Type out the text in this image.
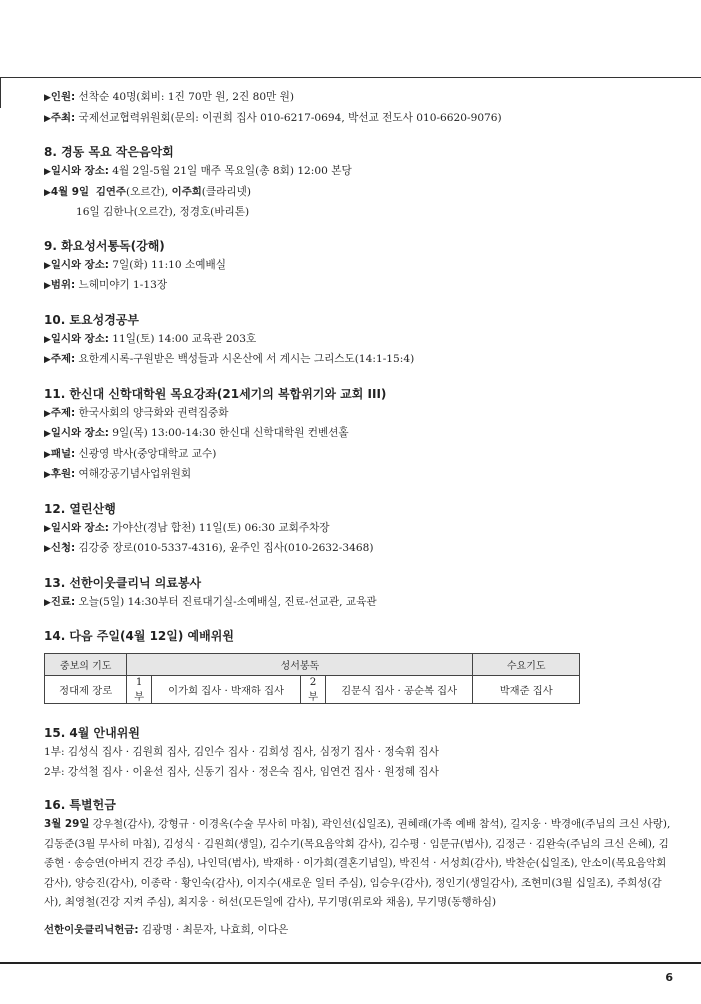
▶인원: 선착순 40명(회비: 1진 70만 원, 2진 80만 원)
▶주최: 국제선교협력위원회(문의: 이권희 집사 010-6217-0694, 박선교 전도사 010-6620-9076)
8. 경동 목요 작은음악회
▶일시와 장소: 4월 2일-5월 21일 매주 목요일(총 8회) 12:00 본당
▶4월 9일 김연주(오르간), 이주희(클라리넷)
16일 김한나(오르간), 정경호(바리톤)
9. 화요성서통독(강해)
▶일시와 장소: 7일(화) 11:10 소예배실
▶범위: 느헤미야기 1-13장
10. 토요성경공부
▶일시와 장소: 11일(토) 14:00 교육관 203호
▶주제: 요한계시록-구원받은 백성들과 시온산에 서 계시는 그리스도(14:1-15:4)
11. 한신대 신학대학원 목요강좌(21세기의 복합위기와 교회 III)
▶주제: 한국사회의 양극화와 권력집중화
▶일시와 장소: 9일(목) 13:00-14:30 한신대 신학대학원 컨벤션홀
▶패널: 신광영 박사(중앙대학교 교수)
▶후원: 여해강공기념사업위원회
12. 열린산행
▶일시와 장소: 가야산(경남 합천) 11일(토) 06:30 교회주차장
▶신청: 김강중 장로(010-5337-4316), 윤주인 집사(010-2632-3468)
13. 선한이웃클리닉 의료봉사
▶진료: 오늘(5일) 14:30부터 진료대기실-소예배실, 진료-선교관, 교육관
14. 다음 주일(4월 12일) 예배위원
중보의 기도	성서봉독				수요기도
정대제 장로	1부	이가희 집사 · 박재하 집사	2부	김문식 집사 · 공순복 집사	박재준 집사
15. 4월 안내위원
1부: 김성식 집사 · 김원희 집사, 김인수 집사 · 김희성 집사, 심정기 집사 · 정숙휘 집사
2부: 강석철 집사 · 이윤선 집사, 신동기 집사 · 정은숙 집사, 임연건 집사 · 원정혜 집사
16. 특별헌금
3월 29일 강우철(감사), 강형규 · 이경옥(수술 무사히 마침), 곽인선(십일조), 권혜래(가족 예배 참석), 길지웅 · 박경애(주님의 크신 사랑), 김동준(3월 무사히 마침), 김성식 · 김원희(생일), 김수기(목요음악회 감사), 김수평 · 임문규(범사), 김정근 · 김완숙(주님의 크신 은혜), 김종현 · 송승연(아버지 건강 주심), 나인덕(범사), 박재하 · 이가희(결혼기념일), 박진석 · 서성희(감사), 박찬순(십일조), 안소이(목요음악회 감사), 양승진(감사), 이종락 · 황인숙(감사), 이지수(새로운 일터 주심), 임승우(감사), 정인기(생일감사), 조현미(3월 십일조), 주희성(감사), 최영철(건강 지켜 주심), 최지웅 · 허선(모든일에 감사), 무기명(위로와 채움), 무기명(동행하심)
선한이웃클리닉헌금: 김광명 · 최문자, 나효희, 이다은
6
